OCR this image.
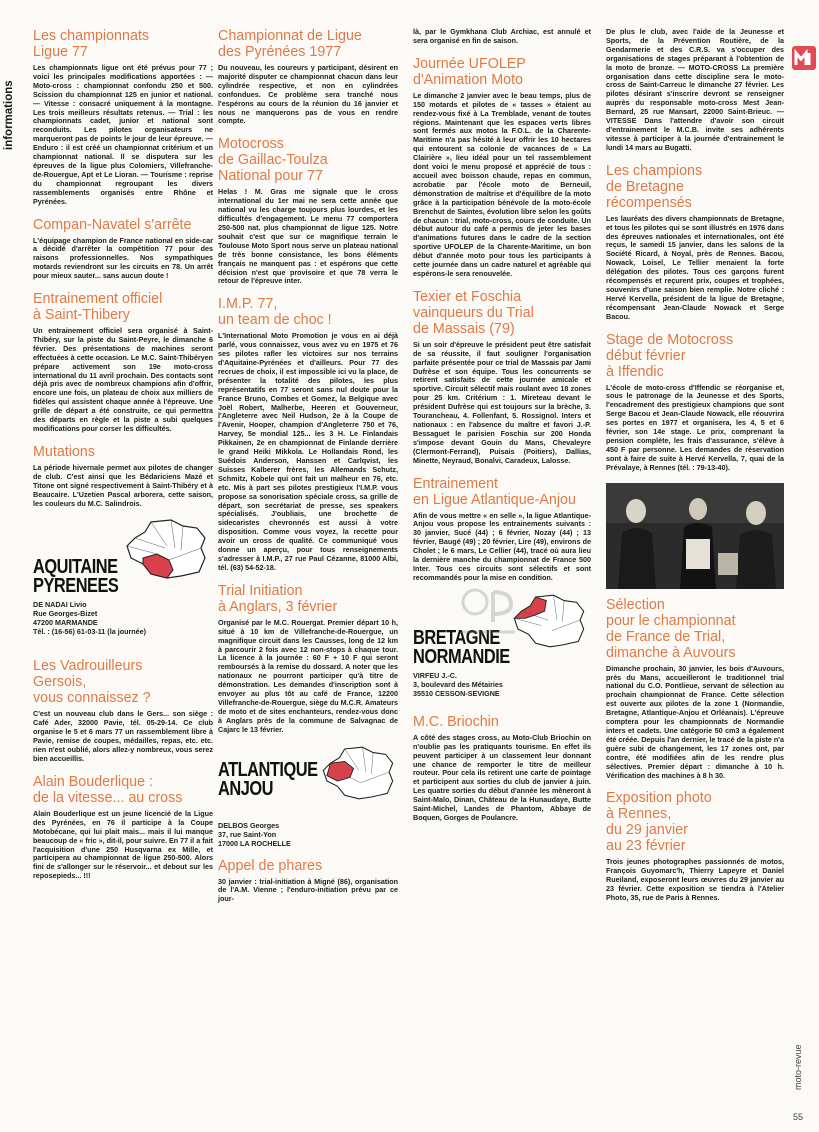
informations
moto-revue
55
Les championnats
Ligue 77

Les championnats ligue ont été prévus pour 77 ; voici les principales modifications apportées : — Moto-cross : championnat confondu 250 et 500. Scission du championnat 125 en junior et national. — Vitesse : consacré uniquement à la montagne. Les trois meilleurs résultats retenus. — Trial : les championnats cadet, junior et national sont reconduits. Les pilotes organisateurs ne marqueront pas de points le jour de leur épreuve. — Enduro : il est créé un championnat critérium et un championnat national. Il se disputera sur les épreuves de la ligue plus Colomiers, Villefranche-de-Rouergue, Apt et Le Lioran. — Tourisme : reprise du championnat regroupant les divers rassemblements organisés entre Rhône et Pyrénées.

Compan-Navatel s'arrête

L'équipage champion de France national en side-car a décidé d'arrêter la compétition 77 pour des raisons professionnelles. Nos sympathiques motards reviendront sur les circuits en 78. Un arrêt pour mieux sauter... sans aucun doute !

Entrainement officiel
à Saint-Thibery

Un entrainement officiel sera organisé à Saint-Thibéry, sur la piste du Saint-Peyre, le dimanche 6 février. Des présentations de machines seront effectuées à cette occasion. Le M.C. Saint-Thibéryen prépare activement son 19e moto-cross international du 11 avril prochain. Des contacts sont déjà pris avec de nombreux champions afin d'offrir, encore une fois, un plateau de choix aux milliers de fidèles qui assistent chaque année à l'épreuve. Une grille de départ a été construite, ce qui permettra des départs en règle et la piste a subi quelques modifications pour corser les difficultés.

Mutations

La période hivernale permet aux pilotes de changer de club. C'est ainsi que les Bédariciens Mazé et Titone ont signé respectivement à Saint-Thibéry et à Beaucaire. L'Uzetien Pascal arborera, cette saison, les couleurs du M.C. Salindrois.

AQUITAINE
PYRENEES
DE NADAI Livio
Rue Georges-Bizet
47200 MARMANDE
Tél. : (16-56) 61-03-11 (la journée)
Les Vadrouilleurs
Gersois,
vous connaissez ?

C'est un nouveau club dans le Gers... son siège : Café Ader, 32000 Pavie, tél. 05-29-14. Ce club organise le 5 et 6 mars 77 un rassemblement libre à Pavie, remise de coupes, médailles, repas, etc. etc. rien n'est oublié, alors allez-y nombreux, vous serez bien accueillis.

Alain Bouderlique :
de la vitesse... au cross

Alain Bouderlique est un jeune licencié de la Ligue des Pyrénées, en 76 il participe à la Coupe Motobécane, qui lui plait mais... mais il lui manque beaucoup de « fric », dit-il, pour suivre. En 77 il a fait l'acquisition d'une 250 Husqvarna ex Mille, et participera au championnat de ligue 250-500. Alors fini de s'allonger sur le réservoir... et debout sur les reposepieds... !!!

Championnat de Ligue
des Pyrénées 1977

Du nouveau, les coureurs y participant, désirent en majorité disputer ce championnat chacun dans leur cylindrée respective, et non en cylindrées confondues. Ce problème sera tranché nous l'espérons au cours de la réunion du 16 janvier et nous ne manquerons pas de vous en rendre compte.

Motocross
de Gaillac-Toulza
National pour 77

Helas ! M. Gras me signale que le cross international du 1er mai ne sera cette année que national vu les charge toujours plus lourdes, et les difficultés d'engagement. Le menu 77 comportera 250-500 nat. plus championnat de ligue 125. Notre souhait c'est que sur ce magnifique terrain le Toulouse Moto Sport nous serve un plateau national de très bonne consistance, les bons éléments français ne manquent pas : et espérons que cette décision n'est que provisoire et que 78 verra le retour de l'épreuve inter.

I.M.P. 77,
un team de choc !

L'International Moto Promotion je vous en ai déjà parlé, vous connaissez, vous avez vu en 1975 et 76 ses pilotes rafler les victoires sur nos terrains d'Aquitaine-Pyrénées et d'ailleurs. Pour 77 des recrues de choix, il est impossible ici vu la place, de présenter la totalité des pilotes, les plus représentatifs en 77 seront sans nul doute pour la France Bruno, Combes et Gomez, la Belgique avec Joël Robert, Malherbe, Heeren et Gouverneur, l'Angleterre avec Neil Hudson, 2e à la Coupe de l'Avenir, Hooper, champion d'Angleterre 750 et 76, Harvey, 5e mondial 125... les 3 H. Le Finlandais Pikkainen, 2e en championnat de Finlande derrière le grand Heiki Mikkola. Le Hollandais Rond, les Suédois Anderson, Hanssen et Carlqvist, les Suisses Kalberer frères, les Allemands Schutz, Schmitz, Kobele qui ont fait un malheur en 76, etc. etc. Mis à part ses pilotes prestigieux l'I.M.P. vous propose sa sonorisation spéciale cross, sa grille de départ, son secrétariat de presse, ses speakers spécialisés. J'oubliais, une brochette de sidecaristes chevronnés est aussi à votre disposition. Comme vous voyez, la recette pour avoir un cross de qualité. Ce communiqué vous donne un aperçu, pour tous renseignements s'adresser à I.M.P., 27 rue Paul Cézanne, 81000 Albi, tél. (63) 54-52-18.

Trial Initiation
à Anglars, 3 février

Organisé par le M.C. Rouergat. Premier départ 10 h, situé à 10 km de Villefranche-de-Rouergue, un magnifique circuit dans les Causses, long de 12 km à parcourir 2 fois avec 12 non-stops à chaque tour. La licence à la journée : 60 F + 10 F qui seront remboursés à la remise du dossard. A noter que les nationaux ne pourront participer qu'à titre de démonstration. Les demandes d'inscription sont à envoyer au plus tôt au café de France, 12200 Villefranche-de-Rouergue, siège du M.C.R. Amateurs de moto et de sites enchanteurs, rendez-vous donc à Anglars près de la commune de Salvagnac de Cajarc le 13 février.

ATLANTIQUE
ANJOU
DELBOS Georges
37, rue Saint-Yon
17000 LA ROCHELLE
Appel de phares

30 janvier : trial-initiation à Migné (86), organisation de l'A.M. Vienne ; l'enduro-initiation prévu par ce jour-

là, par le Gymkhana Club Archiac, est annulé et sera organisé en fin de saison.

Journée UFOLEP
d'Animation Moto

Le dimanche 2 janvier avec le beau temps, plus de 150 motards et pilotes de « tasses » étaient au rendez-vous fixé à La Tremblade, venant de toutes régions. Maintenant que les espaces verts libres sont fermés aux motos la F.O.L. de la Charente-Maritime n'a pas hésité à leur offrir les 10 hectares qui entourent sa colonie de vacances de « La Clairière », lieu idéal pour un tel rassemblement dont voici le menu proposé et apprécié de tous : accueil avec boisson chaude, repas en commun, acrobatie par l'école moto de Berneuil, démonstration de maîtrise et d'équilibre de la moto grâce à la participation bénévole de la moto-école Brenchut de Saintes, évolution libre selon les goûts de chacun : trial, moto-cross, cours de conduite. Un début autour du café a permis de jeter les bases d'animations futures dans le cadre de la section sportive UFOLEP de la Charente-Maritime, un bon début d'année moto pour tous les participants à cette journée dans un cadre naturel et agréable qui espérons-le sera renouvelée.

Texier et Foschia
vainqueurs du Trial
de Massais (79)

Si un soir d'épreuve le président peut être satisfait de sa réussite, il faut souligner l'organisation parfaite présentée pour ce trial de Massais par Jami Dufrèse et son équipe. Tous les concurrents se retirent satisfaits de cette journée amicale et sportive. Circuit sélectif mais roulant avec 18 zones pour 25 km. Critérium : 1. Mireteau devant le président Dufrèse qui est toujours sur la brèche, 3. Tourancheau, 4. Follenfant, 5. Rossignol. Inters et nationaux : en l'absence du maître et favori J.-P. Bessaguet le parisien Foschia sur 200 Honda s'impose devant Gouin du Mans, Chevaleyre (Clermont-Ferrand), Puisais (Poitiers), Dallias, Minette, Neyraud, Bonalvi, Caradeux, Lalosse.

Entrainement
en Ligue Atlantique-Anjou

Afin de vous mettre « en selle », la ligue Atlantique-Anjou vous propose les entrainements suivants : 30 janvier, Sucé (44) ; 6 février, Nozay (44) ; 13 février, Baugé (49) ; 20 février, Lire (49), environs de Cholet ; le 6 mars, Le Cellier (44), tracé où aura lieu la dernière manche du championnat de France 500 Inter. Tous ces circuits sont sélectifs et sont recommandés pour la mise en condition.

BRETAGNE
NORMANDIE
VIRFEU J.-C.
3, boulevard des Métairies
35510 CESSON-SEVIGNE
M.C. Briochin

A côté des stages cross, au Moto-Club Briochin on n'oublie pas les pratiquants tourisme. En effet ils peuvent participer à un classement leur donnant une chance de remporter le titre de meilleur routeur. Pour cela ils retirent une carte de pointage et participent aux sorties du club de janvier à juin. Les quatre sorties du début d'année les mèneront à Saint-Malo, Dinan, Château de la Hunaudaye, Butte Saint-Michel, Landes de Phantom, Abbaye de Boquen, Gorges de Poulancre.

De plus le club, avec l'aide de la Jeunesse et Sports, de la Prévention Routière, de la Gendarmerie et des C.R.S. va s'occuper des organisations de stages préparant à l'obtention de la moto de bronze. — MOTO-CROSS La première organisation dans cette discipline sera le moto-cross de Saint-Carreuc le dimanche 27 février. Les pilotes désirant s'inscrire devront se renseigner auprès du responsable moto-cross Mest Jean-Bernard, 25 rue Mansart, 22000 Saint-Brieuc. — VITESSE Dans l'attendre d'avoir son circuit d'entrainement le M.C.B. invite ses adhérents vitesse à participer à la journée d'entrainement le lundi 14 mars au Bugatti.

Les champions
de Bretagne
récompensés

Les lauréats des divers championnats de Bretagne, et tous les pilotes qui se sont illustrés en 1976 dans des épreuves nationales et internationales, ont été reçus, le samedi 15 janvier, dans les salons de la Société Ricard, à Noyal, près de Rennes. Bacou, Nowack, Loisel, Le Tellier menaient la forte délégation des pilotes. Tous ces garçons furent récompensés et reçurent prix, coupes et trophées, souvenirs d'une saison bien remplie. Notre cliché : Hervé Kervella, président de la ligue de Bretagne, récompensant Jean-Claude Nowack et Serge Bacou.

Stage de Motocross
début février
à Iffendic

L'école de moto-cross d'Iffendic se réorganise et, sous le patronage de la Jeunesse et des Sports, l'encadrement des prestigieux champions que sont Serge Bacou et Jean-Claude Nowack, elle réouvrira ses portes en 1977 et organisera, les 4, 5 et 6 février, son 14e stage. Le prix, comprenant la pension complète, les frais d'assurance, s'élève à 450 F par personne. Les demandes de réservation sont à faire de suite à Hervé Kervella, 7, quai de la Prévalaye, à Rennes (tél. : 79-13-40).

Sélection
pour le championnat
de France de Trial,
dimanche à Auvours

Dimanche prochain, 30 janvier, les bois d'Auvours, près du Mans, accueilleront le traditionnel trial national du C.O. Pontlieue, servant de sélection au prochain championnat de France. Cette sélection est ouverte aux pilotes de la zone 1 (Normandie, Bretagne, Atlantique-Anjou et Orléanais). L'épreuve comptera pour les championnats de Normandie inters et cadets. Une catégorie 50 cm3 a également été créée. Depuis l'an dernier, le tracé de la piste n'a guère subi de changement, les 17 zones ont, par contre, été modifiées afin de les rendre plus sélectives. Premier départ : dimanche à 10 h. Vérification des machines à 8 h 30.

Exposition photo
à Rennes,
du 29 janvier
au 23 février

Trois jeunes photographes passionnés de motos, François Guyomarc'h, Thierry Lapeyre et Daniel Rueiland, exposeront leurs œuvres du 29 janvier au 23 février. Cette exposition se tiendra à l'Atelier Photo, 35, rue de Paris à Rennes.
